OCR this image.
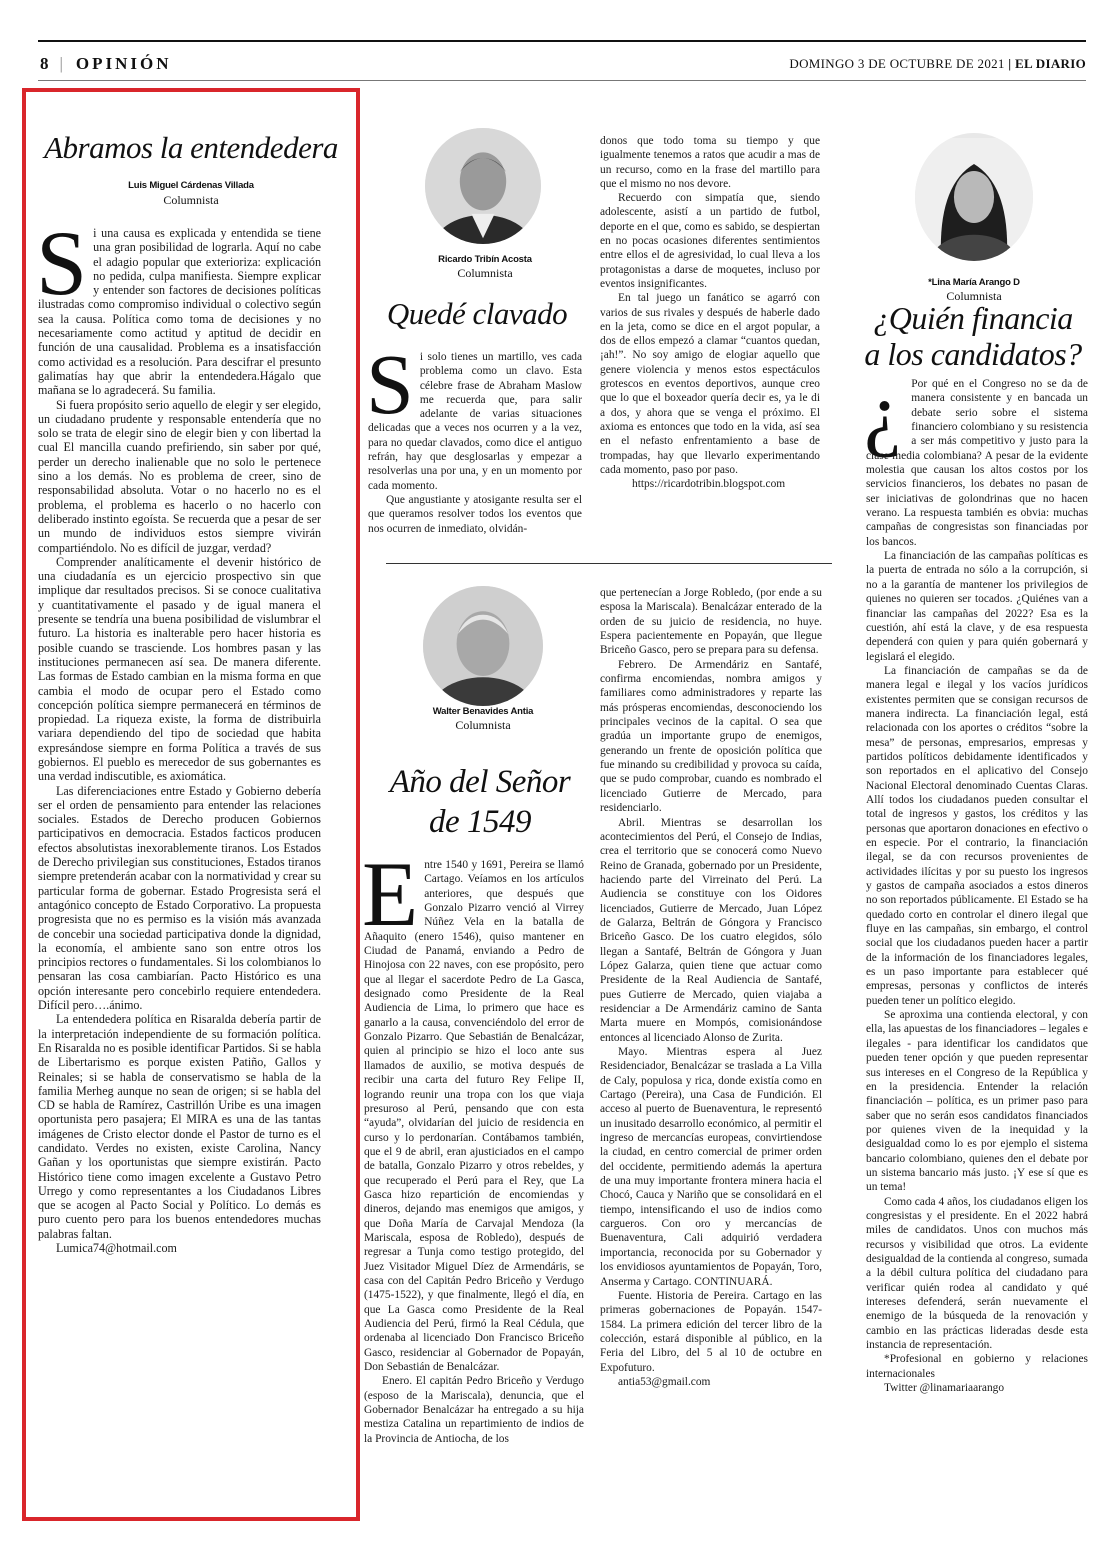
8 | OPINIÓN	DOMINGO 3 DE OCTUBRE DE 2021 | EL DIARIO
Abramos la entendedera
Luis Miguel Cárdenas Villada
Columnista

Si una causa es explicada y entendida se tiene una gran posibilidad de lograrla. Aquí no cabe el adagio popular que exterioriza: explicación no pedida, culpa manifiesta. Siempre explicar y entender son factores de decisiones políticas ilustradas como compromiso individual o colectivo según sea la causa. Política como toma de decisiones y no necesariamente como actitud y aptitud de decidir en función de una causalidad. Problema es a insatisfacción como actividad es a resolución. Para descifrar el presunto galimatías hay que abrir la entendedera.Hágalo que mañana se lo agradecerá. Su familia.

Si fuera propósito serio aquello de elegir y ser elegido, un ciudadano prudente y responsable entendería que no solo se trata de elegir sino de elegir bien y con libertad la cual El mancilla cuando prefiriendo, sin saber por qué, perder un derecho inalienable que no solo le pertenece sino a los demás. No es problema de creer, sino de responsabilidad absoluta. Votar o no hacerlo no es el problema, el problema es hacerlo o no hacerlo con deliberado instinto egoísta. Se recuerda que a pesar de ser un mundo de individuos estos siempre vivirán compartiéndolo. No es difícil de juzgar, verdad?

Comprender analíticamente el devenir histórico de una ciudadanía es un ejercicio prospectivo sin que implique dar resultados precisos. Si se conoce cualitativa y cuantitativamente el pasado y de igual manera el presente se tendría una buena posibilidad de vislumbrar el futuro. La historia es inalterable pero hacer historia es posible cuando se trasciende. Los hombres pasan y las instituciones permanecen así sea. De manera diferente. Las formas de Estado cambian en la misma forma en que cambia el modo de ocupar pero el Estado como concepción política siempre permanecerá en términos de propiedad. La riqueza existe, la forma de distribuirla variara dependiendo del tipo de sociedad que habita expresándose siempre en forma Política a través de sus gobiernos. El pueblo es merecedor de sus gobernantes es una verdad indiscutible, es axiomática.

Las diferenciaciones entre Estado y Gobierno debería ser el orden de pensamiento para entender las relaciones sociales. Estados de Derecho producen Gobiernos participativos en democracia. Estados facticos producen efectos absolutistas inexorablemente tiranos. Los Estados de Derecho privilegian sus constituciones, Estados tiranos siempre pretenderán acabar con la normatividad y crear su particular forma de gobernar. Estado Progresista será el antagónico concepto de Estado Corporativo. La propuesta progresista que no es permiso es la visión más avanzada de concebir una sociedad participativa donde la dignidad, la economía, el ambiente sano son entre otros los principios rectores o fundamentales. Si los colombianos lo pensaran las cosa cambiarían. Pacto Histórico es una opción interesante pero concebirlo requiere entendedera. Difícil pero….ánimo.

La entendedera política en Risaralda debería partir de la interpretación independiente de su formación política. En Risaralda no es posible identificar Partidos. Si se habla de Libertarismo es porque existen Patiño, Gallos y Reinales; si se habla de conservatismo se habla de la familia Merheg aunque no sean de origen; si se habla del CD se habla de Ramírez, Castrillón Uribe es una imagen oportunista pero pasajera; El MIRA es una de las tantas imágenes de Cristo elector donde el Pastor de turno es el candidato. Verdes no existen, existe Carolina, Nancy Gañan y los oportunistas que siempre existirán. Pacto Histórico tiene como imagen excelente a Gustavo Petro Urrego y como representantes a los Ciudadanos Libres que se acogen al Pacto Social y Político. Lo demás es puro cuento pero para los buenos entendedores muchas palabras faltan.

Lumica74@hotmail.com

Ricardo Tribín Acosta
Columnista
Quedé clavado

Si solo tienes un martillo, ves cada problema como un clavo. Esta célebre frase de Abraham Maslow me recuerda que, para salir adelante de varias situaciones delicadas que a veces nos ocurren y a la vez, para no quedar clavados, como dice el antiguo refrán, hay que desglosarlas y empezar a resolverlas una por una, y en un momento por cada momento.

Que angustiante y atosigante resulta ser el que queramos resolver todos los eventos que nos ocurren de inmediato, olvidán-

donos que todo toma su tiempo y que igualmente tenemos a ratos que acudir a mas de un recurso, como en la frase del martillo para que el mismo no nos devore.

Recuerdo con simpatía que, siendo adolescente, asistí a un partido de futbol, deporte en el que, como es sabido, se despiertan en no pocas ocasiones diferentes sentimientos entre ellos el de agresividad, lo cual lleva a los protagonistas a darse de moquetes, incluso por eventos insignificantes.

En tal juego un fanático se agarró con varios de sus rivales y después de haberle dado en la jeta, como se dice en el argot popular, a dos de ellos empezó a clamar “cuantos quedan, ¡ah!”. No soy amigo de elogiar aquello que genere violencia y menos estos espectáculos grotescos en eventos deportivos, aunque creo que lo que el boxeador quería decir es, ya le di a dos, y ahora que se venga el próximo. El axioma es entonces que todo en la vida, así sea en el nefasto enfrentamiento a base de trompadas, hay que llevarlo experimentando cada momento, paso por paso.

https://ricardotribin.blogspot.com

Walter Benavides Antia
Columnista
Año del Señor
de 1549

Entre 1540 y 1691, Pereira se llamó Cartago. Veíamos en los artículos anteriores, que después que Gonzalo Pizarro venció al Virrey Núñez Vela en la batalla de Añaquito (enero 1546), quiso mantener en Ciudad de Panamá, enviando a Pedro de Hinojosa con 22 naves, con ese propósito, pero que al llegar el sacerdote Pedro de La Gasca, designado como Presidente de la Real Audiencia de Lima, lo primero que hace es ganarlo a la causa, convenciéndolo del error de Gonzalo Pizarro. Que Sebastián de Benalcázar, quien al principio se hizo el loco ante sus llamados de auxilio, se motiva después de recibir una carta del futuro Rey Felipe II, logrando reunir una tropa con los que viaja presuroso al Perú, pensando que con esta “ayuda”, olvidarían del juicio de residencia en curso y lo perdonarían. Contábamos también, que el 9 de abril, eran ajusticiados en el campo de batalla, Gonzalo Pizarro y otros rebeldes, y que recuperado el Perú para el Rey, que La Gasca hizo repartición de encomiendas y dineros, dejando mas enemigos que amigos, y que Doña María de Carvajal Mendoza (la Mariscala, esposa de Robledo), después de regresar a Tunja como testigo protegido, del Juez Visitador Miguel Díez de Armendáris, se casa con del Capitán Pedro Briceño y Verdugo (1475-1522), y que finalmente, llegó el día, en que La Gasca como Presidente de la Real Audiencia del Perú, firmó la Real Cédula, que ordenaba al licenciado Don Francisco Briceño Gasco, residenciar al Gobernador de Popayán, Don Sebastián de Benalcázar.

Enero. El capitán Pedro Briceño y Verdugo (esposo de la Mariscala), denuncia, que el Gobernador Benalcázar ha entregado a su hija mestiza Catalina un repartimiento de indios de la Provincia de Antiocha, de los

que pertenecían a Jorge Robledo, (por ende a su esposa la Mariscala). Benalcázar enterado de la orden de su juicio de residencia, no huye. Espera pacientemente en Popayán, que llegue Briceño Gasco, pero se prepara para su defensa.

Febrero. De Armendáriz en Santafé, confirma encomiendas, nombra amigos y familiares como administradores y reparte las más prósperas encomiendas, desconociendo los principales vecinos de la capital. O sea que gradúa un importante grupo de enemigos, generando un frente de oposición política que fue minando su credibilidad y provoca su caída, que se pudo comprobar, cuando es nombrado el licenciado Gutierre de Mercado, para residenciarlo.

Abril. Mientras se desarrollan los acontecimientos del Perú, el Consejo de Indias, crea el territorio que se conocerá como Nuevo Reino de Granada, gobernado por un Presidente, haciendo parte del Virreinato del Perú. La Audiencia se constituye con los Oidores licenciados, Gutierre de Mercado, Juan López de Galarza, Beltrán de Góngora y Francisco Briceño Gasco. De los cuatro elegidos, sólo llegan a Santafé, Beltrán de Góngora y Juan López Galarza, quien tiene que actuar como Presidente de la Real Audiencia de Santafé, pues Gutierre de Mercado, quien viajaba a residenciar a De Armendáriz camino de Santa Marta muere en Mompós, comisionándose entonces al licenciado Alonso de Zurita.

Mayo. Mientras espera al Juez Residenciador, Benalcázar se traslada a La Villa de Caly, populosa y rica, donde existía como en Cartago (Pereira), una Casa de Fundición. El acceso al puerto de Buenaventura, le representó un inusitado desarrollo económico, al permitir el ingreso de mercancías europeas, convirtiendose la ciudad, en centro comercial de primer orden del occidente, permitiendo además la apertura de una muy importante frontera minera hacia el Chocó, Cauca y Nariño que se consolidará en el tiempo, intensificando el uso de indios como cargueros. Con oro y mercancías de Buenaventura, Cali adquirió verdadera importancia, reconocida por su Gobernador y los envidiosos ayuntamientos de Popayán, Toro, Anserma y Cartago. CONTINUARÁ.

Fuente. Historia de Pereira. Cartago en las primeras gobernaciones de Popayán. 1547-1584. La primera edición del tercer libro de la colección, estará disponible al público, en la Feria del Libro, del 5 al 10 de octubre en Expofuturo.

antia53@gmail.com

*Lina María Arango D
Columnista
¿Quién financia
a los candidatos?

¿ Por qué en el Congreso no se da de manera consistente y en bancada un debate serio sobre el sistema financiero colombiano y su resistencia a ser más competitivo y justo para la clase media colombiana? A pesar de la evidente molestia que causan los altos costos por los servicios financieros, los debates no pasan de ser iniciativas de golondrinas que no hacen verano. La respuesta también es obvia: muchas campañas de congresistas son financiadas por los bancos.

La financiación de las campañas políticas es la puerta de entrada no sólo a la corrupción, si no a la garantía de mantener los privilegios de quienes no quieren ser tocados. ¿Quiénes van a financiar las campañas del 2022? Esa es la cuestión, ahí está la clave, y de esa respuesta dependerá con quien y para quién gobernará y legislará el elegido.

La financiación de campañas se da de manera legal e ilegal y los vacíos jurídicos existentes permiten que se consigan recursos de manera indirecta. La financiación legal, está relacionada con los aportes o créditos “sobre la mesa” de personas, empresarios, empresas y partidos políticos debidamente identificados y son reportados en el aplicativo del Consejo Nacional Electoral denominado Cuentas Claras. Allí todos los ciudadanos pueden consultar el total de ingresos y gastos, los créditos y las personas que aportaron donaciones en efectivo o en especie. Por el contrario, la financiación ilegal, se da con recursos provenientes de actividades ilícitas y por su puesto los ingresos y gastos de campaña asociados a estos dineros no son reportados públicamente. El Estado se ha quedado corto en controlar el dinero ilegal que fluye en las campañas, sin embargo, el control social que los ciudadanos pueden hacer a partir de la información de los financiadores legales, es un paso importante para establecer qué empresas, personas y conflictos de interés pueden tener un político elegido.

Se aproxima una contienda electoral, y con ella, las apuestas de los financiadores – legales e ilegales - para identificar los candidatos que pueden tener opción y que pueden representar sus intereses en el Congreso de la República y en la presidencia. Entender la relación financiación – política, es un primer paso para saber que no serán esos candidatos financiados por quienes viven de la inequidad y la desigualdad como lo es por ejemplo el sistema bancario colombiano, quienes den el debate por un sistema bancario más justo. ¡Y ese sí que es un tema!

Como cada 4 años, los ciudadanos eligen los congresistas y el presidente. En el 2022 habrá miles de candidatos. Unos con muchos más recursos y visibilidad que otros. La evidente desigualdad de la contienda al congreso, sumada a la débil cultura política del ciudadano para verificar quién rodea al candidato y qué intereses defenderá, serán nuevamente el enemigo de la búsqueda de la renovación y cambio en las prácticas lideradas desde esta instancia de representación.

*Profesional en gobierno y relaciones internacionales

Twitter @linamariaarango
